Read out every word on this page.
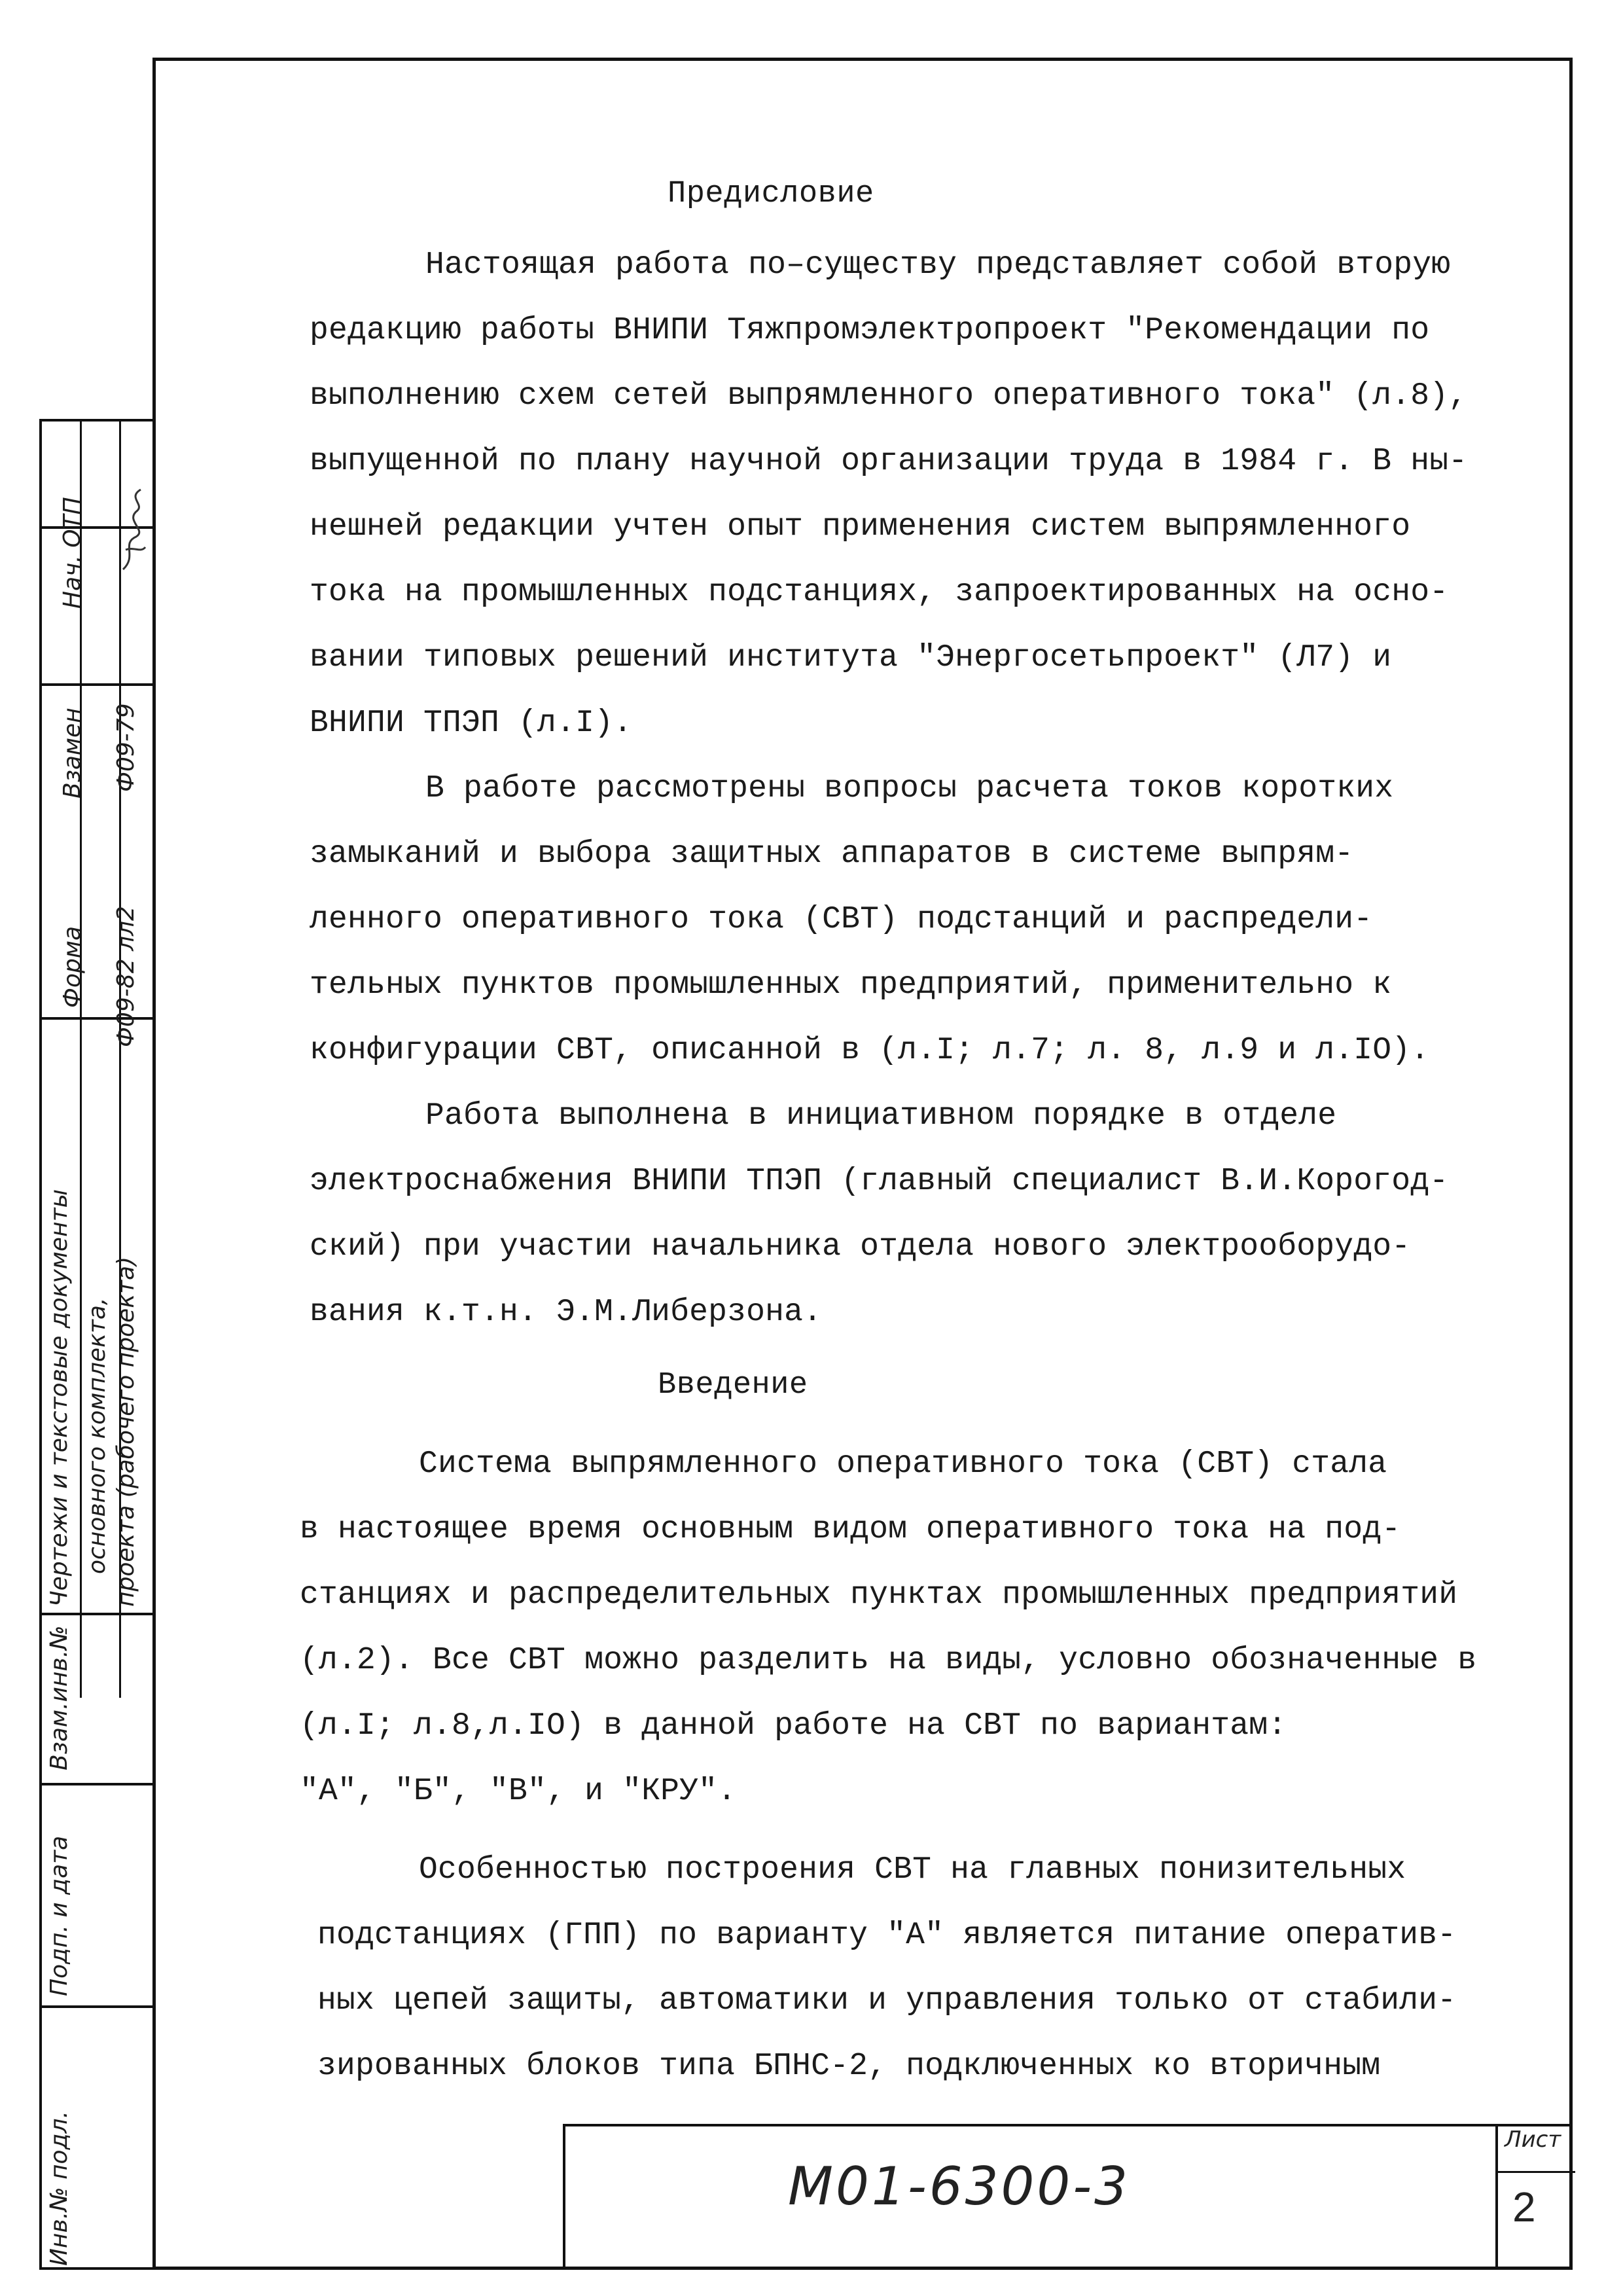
Инв.№ подл.
Подп. и дата
Взам.инв.№
Чертежи и текстовые документы основного комплекта, проекта (рабочего проекта)
Форма Ф09-82 лл2
Взамен Ф09-79
Нач. ОТП
Предисловие
Настоящая работа по–существу представляет собой вторую
редакцию работы ВНИПИ Тяжпромэлектропроект "Рекомендации по
выполнению схем сетей выпрямленного оперативного тока" (л.8),
выпущенной по плану научной организации труда в 1984 г. В ны-
нешней редакции учтен опыт применения систем выпрямленного
тока на промышленных подстанциях, запроектированных на осно-
вании типовых решений института "Энергосетьпроект" (Л7) и
ВНИПИ ТПЭП (л.I).
В работе рассмотрены вопросы расчета токов коротких
замыканий и выбора защитных аппаратов в системе выпрям-
ленного оперативного тока (СВТ) подстанций и распредели-
тельных пунктов промышленных предприятий, применительно к
конфигурации СВТ, описанной в (л.I; л.7; л. 8, л.9 и л.IO).
Работа выполнена в инициативном порядке в отделе
электроснабжения ВНИПИ ТПЭП (главный специалист В.И.Корогод-
ский) при участии начальника отдела нового электрооборудо-
вания к.т.н. Э.М.Либерзона.
Введение
Система выпрямленного оперативного тока (СВТ) стала
в настоящее время основным видом оперативного тока на под-
станциях и распределительных пунктах промышленных предприятий
(л.2). Все СВТ можно разделить на виды, условно обозначенные в
(л.I; л.8,л.IO) в данной работе на СВТ по вариантам:
"А", "Б", "В", и "КРУ".
Особенностью построения СВТ на главных понизительных
подстанциях (ГПП) по варианту "А" является питание оператив-
ных цепей защиты, автоматики и управления только от стабили-
зированных блоков типа БПНС-2, подключенных ко вторичным
М01-6300-3
Лист
2
